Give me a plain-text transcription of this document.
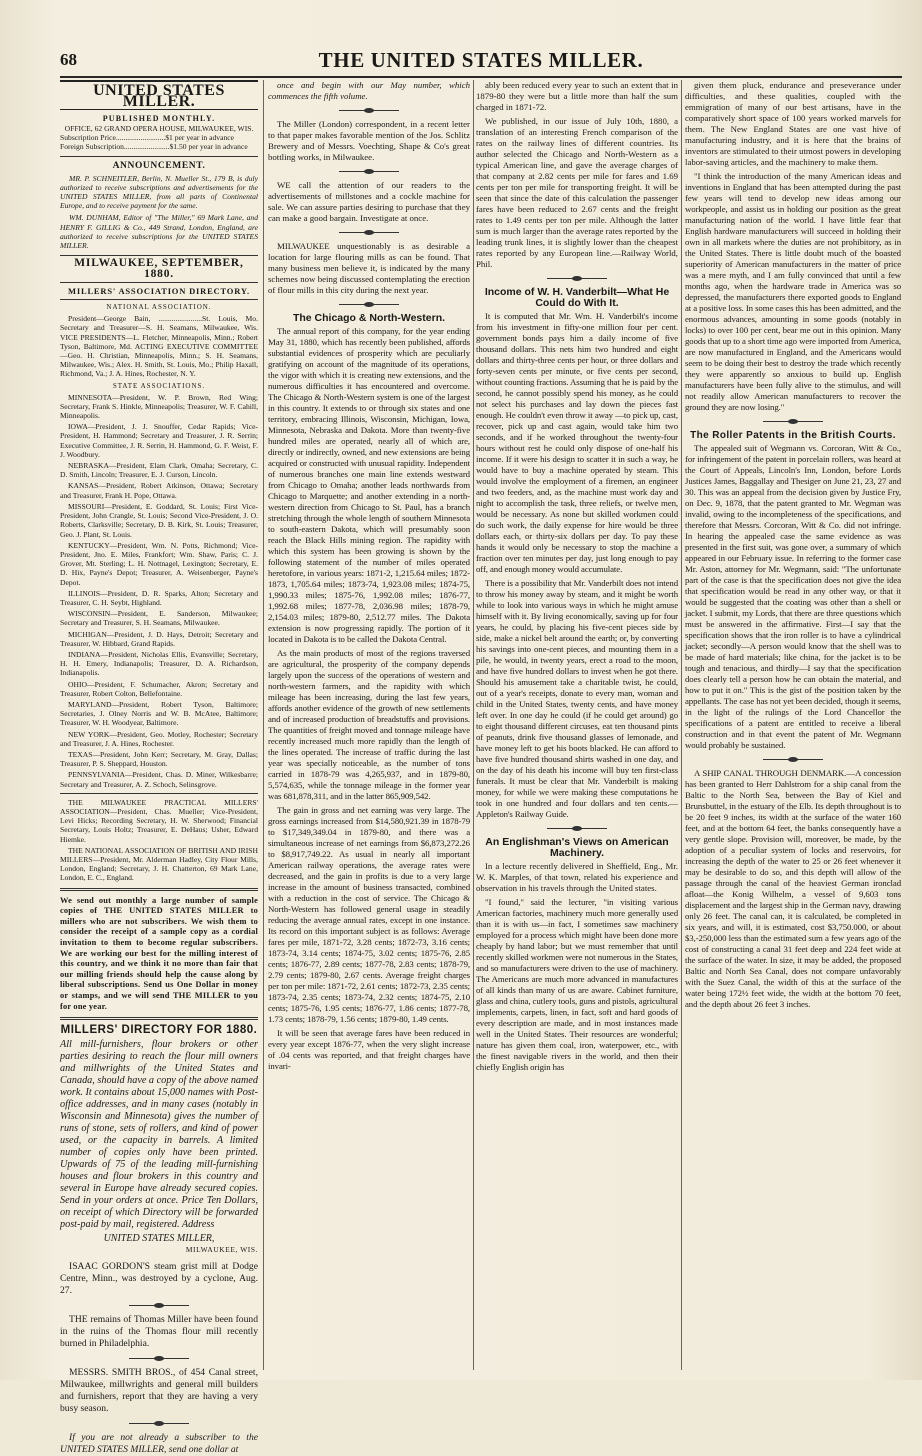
68	THE UNITED STATES MILLER.
UNITED STATES MILLER.
PUBLISHED MONTHLY.
OFFICE, 62 GRAND OPERA HOUSE, MILWAUKEE, WIS.
Subscription Price..........................$1 per year in advance
Foreign Subscription........................$1.50 per year in advance
ANNOUNCEMENT.
MR. P. SCHNEITLER, Berlin, N. Mueller St., 179 B, is duly authorized to receive subscriptions and advertisements for the UNITED STATES MILLER, from all parts of Continental Europe, and to receive payment for the same.
WM. DUNHAM, Editor of "The Miller," 69 Mark Lane, and HENRY F. GILLIG & Co., 449 Strand, London, England, are authorized to receive subscriptions for the UNITED STATES MILLER.
MILWAUKEE, SEPTEMBER, 1880.
MILLERS' ASSOCIATION DIRECTORY.
NATIONAL ASSOCIATION.
President—George Bain, .......................St. Louis, Mo. Secretary and Treasurer—S. H. Seamans, Milwaukee, Wis. VICE PRESIDENTS—L. Fletcher, Minneapolis, Minn.; Robert Tyson, Baltimore, Md. ACTING EXECUTIVE COMMITTEE—Geo. H. Christian, Minneapolis, Minn.; S. H. Seamans, Milwaukee, Wis.; Alex. H. Smith, St. Louis, Mo.; Philip Haxall, Richmond, Va.; J. A. Hines, Rochester, N. Y.
STATE ASSOCIATIONS.
MINNESOTA—President, W. P. Brown, Red Wing; Secretary, Frank S. Hinkle, Minneapolis; Treasurer, W. F. Cahill, Minneapolis.
IOWA—President, J. J. Snouffer, Cedar Rapids; Vice-President, H. Hammond; Secretary and Treasurer, J. R. Serrin; Executive Committee, J. R. Serrin, H. Hammond, G. F. Weist, F. J. Woodbury.
NEBRASKA—President, Elam Clark, Omaha; Secretary, C. D. Smith, Lincoln; Treasurer, E. J. Curson, Lincoln.
KANSAS—President, Robert Atkinson, Ottawa; Secretary and Treasurer, Frank H. Pope, Ottawa.
MISSOURI—President, E. Goddard, St. Louis; First Vice-President, John Crangle, St. Louis; Second Vice-President, J. O. Roberts, Clarksville; Secretary, D. B. Kirk, St. Louis; Treasurer, Geo. J. Plant, St. Louis.
KENTUCKY—President, Wm. N. Potts, Richmond; Vice-President, Jno. E. Miles, Frankfort; Wm. Shaw, Paris; C. J. Grover, Mt. Sterling; L. H. Nottnagel, Lexington; Secretary, E. D. Hix, Payne's Depot; Treasurer, A. Weisenberger, Payne's Depot.
ILLINOIS—President, D. R. Sparks, Alton; Secretary and Treasurer, C. H. Seybt, Highland.
WISCONSIN—President, E. Sanderson, Milwaukee; Secretary and Treasurer, S. H. Seamans, Milwaukee.
MICHIGAN—President, J. D. Hays, Detroit; Secretary and Treasurer, W. Hibbard, Grand Rapids.
INDIANA—President, Nicholas Ellis, Evansville; Secretary, H. H. Emery, Indianapolis; Treasurer, D. A. Richardson, Indianapolis.
OHIO—President, F. Schumacher, Akron; Secretary and Treasurer, Robert Colton, Bellefontaine.
MARYLAND—President, Robert Tyson, Baltimore; Secretaries, J. Olney Norris and W. B. McAtee, Baltimore; Treasurer, W. H. Woodyear, Baltimore.
NEW YORK—President, Geo. Motley, Rochester; Secretary and Treasurer, J. A. Hines, Rochester.
TEXAS—President, John Kerr; Secretary, M. Gray, Dallas; Treasurer, P. S. Sheppard, Houston.
PENNSYLVANIA—President, Chas. D. Miner, Wilkesbarre; Secretary and Treasurer, A. Z. Schoch, Selinsgrove.
THE MILWAUKEE PRACTICAL MILLERS' ASSOCIATION—President, Chas. Mueller; Vice-President, Levi Hicks; Recording Secretary, H. W. Sherwood; Financial Secretary, Louis Holtz; Treasurer, E. DeHaus; Usher, Edward Hiemke.
THE NATIONAL ASSOCIATION OF BRITISH AND IRISH MILLERS—President, Mr. Alderman Hadley, City Flour Mills, London, England; Secretary, J. H. Chatterton, 69 Mark Lane, London, E. C., England.
We send out monthly a large number of sample copies of THE UNITED STATES MILLER to millers who are not subscribers. We wish them to consider the receipt of a sample copy as a cordial invitation to them to become regular subscribers. We are working our best for the milling interest of this country, and we think it no more than fair that our milling friends should help the cause along by liberal subscriptions. Send us One Dollar in money or stamps, and we will send THE MILLER to you for one year.
MILLERS' DIRECTORY FOR 1880.
All mill-furnishers, flour brokers or other parties desiring to reach the flour mill owners and millwrights of the United States and Canada, should have a copy of the above named work. It contains about 15,000 names with Post-office addresses, and in many cases (notably in Wisconsin and Minnesota) gives the number of runs of stone, sets of rollers, and kind of power used, or the capacity in barrels. A limited number of copies only have been printed. Upwards of 75 of the leading mill-furnishing houses and flour brokers in this country and several in Europe have already secured copies. Send in your orders at once. Price Ten Dollars, on receipt of which Directory will be forwarded post-paid by mail, registered. Address
UNITED STATES MILLER,
MILWAUKEE, WIS.
ISAAC GORDON'S steam grist mill at Dodge Centre, Minn., was destroyed by a cyclone, Aug. 27.
THE remains of Thomas Miller have been found in the ruins of the Thomas flour mill recently burned in Philadelphia.
MESSRS. SMITH BROS., of 454 Canal street, Milwaukee, millwrights and general mill builders and furnishers, report that they are having a very busy season.
If you are not already a subscriber to the UNITED STATES MILLER, send one dollar at
once and begin with our May number, which commences the fifth volume.
The Miller (London) correspondent, in a recent letter to that paper makes favorable mention of the Jos. Schlitz Brewery and of Messrs. Voechting, Shape & Co's great bottling works, in Milwaukee.
WE call the attention of our readers to the advertisements of millstones and a cockle machine for sale. We can assure parties desiring to purchase that they can make a good bargain. Investigate at once.
MILWAUKEE unquestionably is as desirable a location for large flouring mills as can be found. That many business men believe it, is indicated by the many schemes now being discussed contemplating the erection of flour mills in this city during the next year.
The Chicago & North-Western.
The annual report of this company, for the year ending May 31, 1880, which has recently been published, affords substantial evidences of prosperity which are peculiarly gratifying on account of the magnitude of its operations, the vigor with which it is creating new extensions, and the numerous difficulties it has encountered and overcome. The Chicago & North-Western system is one of the largest in this country. It extends to or through six states and one territory, embracing Illinois, Wisconsin, Michigan, Iowa, Minnesota, Nebraska and Dakota. More than twenty-five hundred miles are operated, nearly all of which are, directly or indirectly, owned, and new extensions are being acquired or constructed with unusual rapidity. Independent of numerous branches one main line extends westward from Chicago to Omaha; another leads northwards from Chicago to Marquette; and another extending in a north-western direction from Chicago to St. Paul, has a branch stretching through the whole length of southern Minnesota to south-eastern Dakota, which will presumably soon reach the Black Hills mining region. The rapidity with which this system has been growing is shown by the following statement of the number of miles operated heretofore, in various years: 1871-2, 1,215.64 miles; 1872-1873, 1,705.64 miles; 1873-74, 1,923.08 miles; 1874-75, 1,990.33 miles; 1875-76, 1,992.08 miles; 1876-77, 1,992.68 miles; 1877-78, 2,036.98 miles; 1878-79, 2,154.03 miles; 1879-80, 2,512.77 miles. The Dakota extension is now progressing rapidly. The portion of it located in Dakota is to be called the Dakota Central.
As the main products of most of the regions traversed are agricultural, the prosperity of the company depends largely upon the success of the operations of western and north-western farmers, and the rapidity with which mileage has been increasing, during the last few years, affords another evidence of the growth of new settlements and of increased production of breadstuffs and provisions. The quantities of freight moved and tonnage mileage have recently increased much more rapidly than the length of the lines operated. The increase of traffic during the last year was specially noticeable, as the number of tons carried in 1878-79 was 4,265,937, and in 1879-80, 5,574,635, while the tonnage mileage in the former year was 681,878,311, and in the latter 865,909,542.
The gain in gross and net earning was very large. The gross earnings increased from $14,580,921.39 in 1878-79 to $17,349,349.04 in 1879-80, and there was a simultaneous increase of net earnings from $6,873,272.26 to $8,917,749.22. As usual in nearly all important American railway operations, the average rates were decreased, and the gain in profits is due to a very large increase in the amount of business transacted, combined with a reduction in the cost of service. The Chicago & North-Western has followed general usage in steadily reducing the average annual rates, except in one instance. Its record on this important subject is as follows: Average fares per mile, 1871-72, 3.28 cents; 1872-73, 3.16 cents; 1873-74, 3.14 cents; 1874-75, 3.02 cents; 1875-76, 2.85 cents; 1876-77, 2.89 cents; 1877-78, 2.83 cents; 1878-79, 2.79 cents; 1879-80, 2.67 cents. Average freight charges per ton per mile: 1871-72, 2.61 cents; 1872-73, 2.35 cents; 1873-74, 2.35 cents; 1873-74, 2.32 cents; 1874-75, 2.10 cents; 1875-76, 1.95 cents; 1876-77, 1.86 cents; 1877-78, 1.73 cents; 1878-79, 1.56 cents; 1879-80, 1.49 cents.
It will be seen that average fares have been reduced in every year except 1876-77, when the very slight increase of .04 cents was reported, and that freight charges have invari-
ably been reduced every year to such an extent that in 1879-80 they were but a little more than half the sum charged in 1871-72.
We published, in our issue of July 10th, 1880, a translation of an interesting French comparison of the rates on the railway lines of different countries. Its author selected the Chicago and North-Western as a typical American line, and gave the average charges of that company at 2.82 cents per mile for fares and 1.69 cents per ton per mile for transporting freight. It will be seen that since the date of this calculation the passenger fares have been reduced to 2.67 cents and the freight rates to 1.49 cents per ton per mile. Although the latter sum is much larger than the average rates reported by the leading trunk lines, it is slightly lower than the cheapest rates reported by any European line.—Railway World, Phil.
Income of W. H. Vanderbilt—What He Could do With It.
It is computed that Mr. Wm. H. Vanderbilt's income from his investment in fifty-one million four per cent. government bonds pays him a daily income of five thousand dollars. This nets him two hundred and eight dollars and thirty-three cents per hour, or three dollars and forty-seven cents per minute, or five cents per second, without counting fractions. Assuming that he is paid by the second, he cannot possibly spend his money, as he could not select his purchases and lay down the pieces fast enough. He couldn't even throw it away —to pick up, cast, recover, pick up and cast again, would take him two seconds, and if he worked throughout the twenty-four hours without rest he could only dispose of one-half his income. If it were his design to scatter it in such a way, he would have to buy a machine operated by steam. This would involve the employment of a firemen, an engineer and two feeders, and, as the machine must work day and night to accomplish the task, three reliefs, or twelve men, would be necessary. As none but skilled workmen could do such work, the daily expense for hire would be three dollars each, or thirty-six dollars per day. To pay these hands it would only be necessary to stop the machine a fraction over ten minutes per day, just long enough to pay off, and enough money would accumulate.
There is a possibility that Mr. Vanderbilt does not intend to throw his money away by steam, and it might be worth while to look into various ways in which he might amuse himself with it. By living economically, saving up for four years, he could, by placing his five-cent pieces side by side, make a nickel belt around the earth; or, by converting his savings into one-cent pieces, and mounting them in a pile, he would, in twenty years, erect a road to the moon, and have five hundred dollars to invest when he got there. Should his amusement take a charitable twist, he could, out of a year's receipts, donate to every man, woman and child in the United States, twenty cents, and have money left over. In one day he could (if he could get around) go to eight thousand different circuses, eat ten thousand pints of peanuts, drink five thousand glasses of lemonade, and have money left to get his boots blacked. He can afford to have five hundred thousand shirts washed in one day, and on the day of his death his income will buy ten first-class funerals. It must be clear that Mr. Vanderbilt is making money, for while we were making these computations he took in one hundred and four dollars and ten cents.—Appleton's Railway Guide.
An Englishman's Views on American Machinery.
In a lecture recently delivered in Sheffield, Eng., Mr. W. K. Marples, of that town, related his experience and observation in his travels through the United states.
"I found," said the lecturer, "in visiting various American factories, machinery much more generally used than it is with us—in fact, I sometimes saw machinery employed for a process which might have been done more cheaply by hand labor; but we must remember that until recently skilled workmen were not numerous in the States, and so manufacturers were driven to the use of machinery. The Americans are much more advanced in manufactures of all kinds than many of us are aware. Cabinet furniture, glass and china, cutlery tools, guns and pistols, agricultural implements, carpets, linen, in fact, soft and hard goods of every description are made, and in most instances made well in the United States. Their resources are wonderful; nature has given them coal, iron, waterpower, etc., with the finest navigable rivers in the world, and then their chiefly English origin has
given them pluck, endurance and preseverance under difficulties, and these qualities, coupled with the emmigration of many of our best artisans, have in the comparatively short space of 100 years worked marvels for them. The New England States are one vast hive of manufacturing industry, and it is here that the brains of inventors are stimulated to their utmost powers in developing labor-saving articles, and the machinery to make them.
"I think the introduction of the many American ideas and inventions in England that has been attempted during the past few years will tend to develop new ideas among our workpeople, and assist us in holding our position as the great manufacturing nation of the world. I have little fear that English hardware manufacturers will succeed in holding their own in all markets where the duties are not prohibitory, as in the United States. There is little doubt much of the boasted superiority of American manufacturers in the matter of price was a mere myth, and I am fully convinced that until a few months ago, when the hardware trade in America was so depressed, the manufacturers there exported goods to England at a positive loss. In some cases this has been admitted, and the enormous advances, amounting in some goods (notably in locks) to over 100 per cent, bear me out in this opinion. Many goods that up to a short time ago were imported from America, are now manufactured in England, and the Americans would seem to be doing their best to destroy the trade which recently they were apparently so anxious to build up. English manufacturers have been fully alive to the stimulus, and will not readily allow American manufacturers to recover the ground they are now losing."
The Roller Patents in the British Courts.
The appealed suit of Wegmann vs. Corcoran, Witt & Co., for infringement of the patent in porcelain rollers, was heard at the Court of Appeals, Lincoln's Inn, London, before Lords Justices James, Baggallay and Thesiger on June 21, 23, 27 and 30. This was an appeal from the decision given by Justice Fry, on Dec. 9, 1878, that the patent granted to Mr. Wegman was invalid, owing to the incompleteness of the specifications, and therefore that Messrs. Corcoran, Witt & Co. did not infringe. In hearing the appealed case the same evidence as was presented in the first suit, was gone over, a summary of which appeared in our February issue. In referring to the former case Mr. Aston, attorney for Mr. Wegmann, said: "The unfortunate part of the case is that the specification does not give the idea that specification would be read in any other way, or that it would be suggested that the coating was other than a shell or jacket. I submit, my Lords, that there are three questions which must be answered in the affirmative. First—I say that the specification shows that the iron roller is to have a cylindrical jacket; secondly—A person would know that the shell was to be made of hard materials; like china, for the jacket is to be tough and tenacious, and thirdly—I say that the specification does clearly tell a person how he can obtain the material, and how to put it on." This is the gist of the position taken by the appellants. The case has not yet been decided, though it seems, in the light of the rulings of the Lord Chancellor the specifications of a patent are entitled to receive a liberal construction and in that event the patent of Mr. Wegmann would probably be sustained.
A SHIP CANAL THROUGH DENMARK.—A concession has been granted to Herr Dahlstrom for a ship canal from the Baltic to the North Sea, between the Bay of Kiel and Brunsbuttel, in the estuary of the Elb. Its depth throughout is to be 20 feet 9 inches, its width at the surface of the water 160 feet, and at the bottom 64 feet, the banks consequently have a very gentle slope. Provision will, moreover, be made, by the adoption of a peculiar system of locks and reservoirs, for increasing the depth of the water to 25 or 26 feet whenever it may be desirable to do so, and this depth will allow of the passage through the canal of the heaviest German ironclad afloat—the Konig Wilhelm, a vessel of 9,603 tons displacement and the largest ship in the German navy, drawing only 26 feet. The canal can, it is calculated, be completed in six years, and will, it is estimated, cost $3,750.000, or about $3,-250,000 less than the estimated sum a few years ago of the cost of constructing a canal 31 feet deep and 224 feet wide at the surface of the water. In size, it may be added, the proposed Baltic and North Sea Canal, does not compare unfavorably with the Suez Canal, the width of this at the surface of the water being 172½ feet wide, the width at the bottom 70 feet, and the depth about 26 feet 3 inches.
